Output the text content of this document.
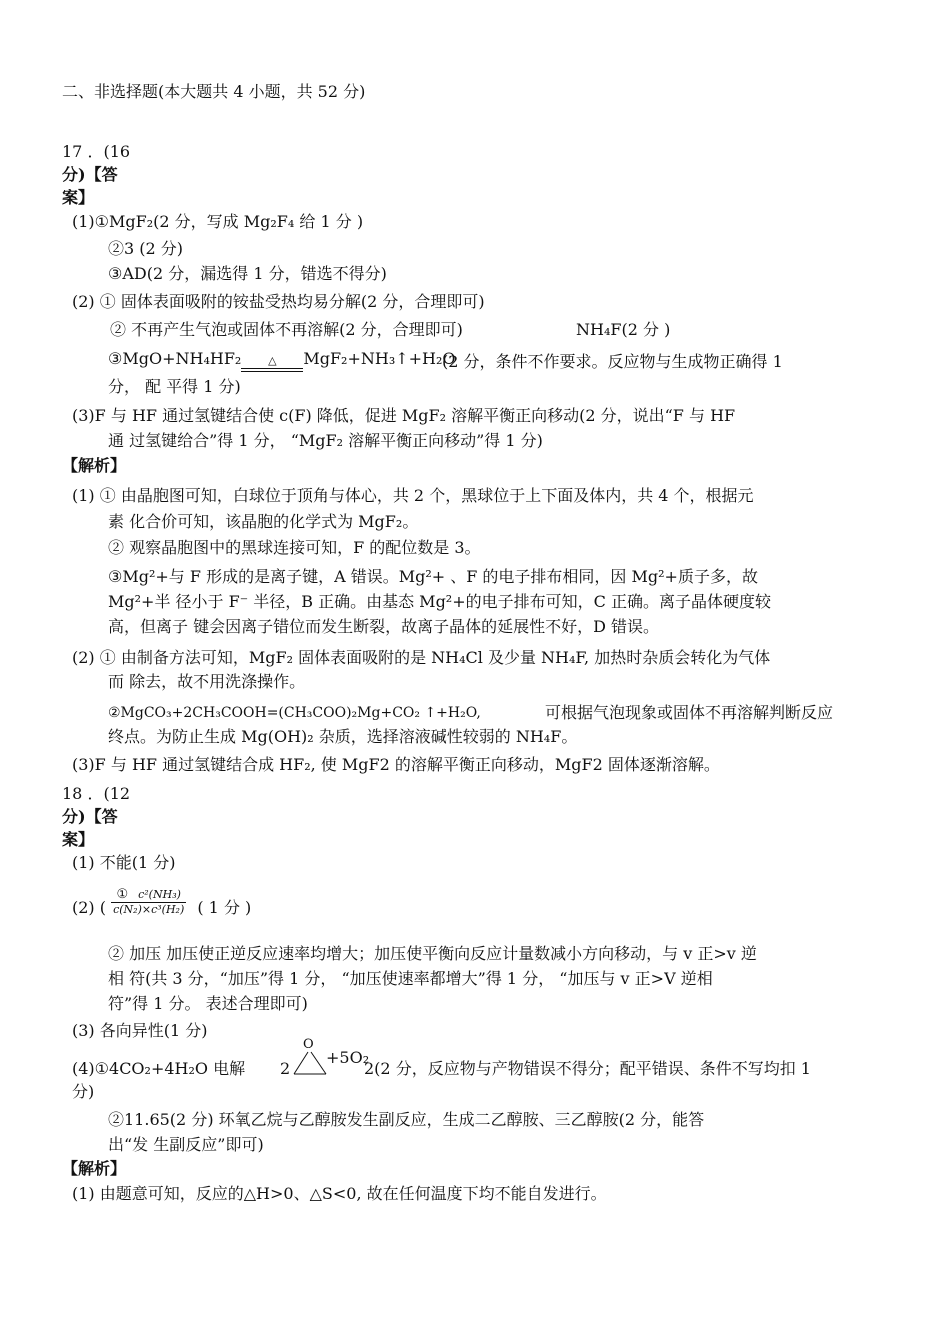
二、非选择题(本大题共 4 小题，共 52 分)
17 ．(16
分)【答
案】
(1)①MgF₂(2 分，写成 Mg₂F₄ 给 1 分 )
②3 (2 分)
③AD(2 分，漏选得 1 分，错选不得分)
(2) ① 固体表面吸附的铵盐受热均易分解(2 分，合理即可)
② 不再产生气泡或固体不再溶解(2 分，合理即可)	NH₄F(2 分 )
③MgO+NH₄HF₂	△	MgF₂+NH₃↑+H₂O
(2 分，条件不作要求。反应物与生成物正确得 1
分， 配 平得 1 分)
(3)F 与 HF 通过氢键结合使 c(F) 降低，促进 MgF₂ 溶解平衡正向移动(2 分，说出“F 与 HF
通 过氢键给合”得 1 分， “MgF₂ 溶解平衡正向移动”得 1 分)
【解析】
(1) ① 由晶胞图可知，白球位于顶角与体心，共 2 个，黑球位于上下面及体内，共 4 个，根据元
素 化合价可知，该晶胞的化学式为 MgF₂。
② 观察晶胞图中的黑球连接可知，F 的配位数是 3。
③Mg²+与 F 形成的是离子键，A 错误。Mg²+ 、F 的电子排布相同，因 Mg²+质子多，故
Mg²+半 径小于 F⁻ 半径，B 正确。由基态 Mg²+的电子排布可知，C 正确。离子晶体硬度较
高，但离子 键会因离子错位而发生断裂，故离子晶体的延展性不好，D 错误。
(2) ① 由制备方法可知，MgF₂ 固体表面吸附的是 NH₄Cl 及少量 NH₄F, 加热时杂质会转化为气体
而 除去，故不用洗涤操作。
②MgCO₃+2CH₃COOH=(CH₃COO)₂Mg+CO₂ ↑+H₂O,	可根据气泡现象或固体不再溶解判断反应
终点。为防止生成 Mg(OH)₂ 杂质，选择溶液碱性较弱的 NH₄F。
(3)F 与 HF 通过氢键结合成 HF₂, 使 MgF2 的溶解平衡正向移动，MgF2 固体逐渐溶解。
18 ．(12
分)【答
案】
(1) 不能(1 分)
(2) ( $\frac{\text{① c²(NH₃)}}{\text{c(N₂)×c³(H₂)}}$ ( 1 分 )
② 加压 加压使正逆反应速率均增大；加压使平衡向反应计量数减小方向移动，与 v 正>v 逆
相 符(共 3 分，“加压”得 1 分， “加压使速率都增大”得 1 分， “加压与 v 正>V 逆相
符”得 1 分。 表述合理即可)
(3) 各向异性(1 分)
(4)①4CO₂+4H₂O 电解 2
O
+5O₂
2(2 分，反应物与产物错误不得分；配平错误、条件不写均扣 1
分)
②11.65(2 分) 环氧乙烷与乙醇胺发生副反应，生成二乙醇胺、三乙醇胺(2 分，能答
出“发 生副反应”即可)
【解析】
(1) 由题意可知，反应的△H>0、△S<0, 故在任何温度下均不能自发进行。
